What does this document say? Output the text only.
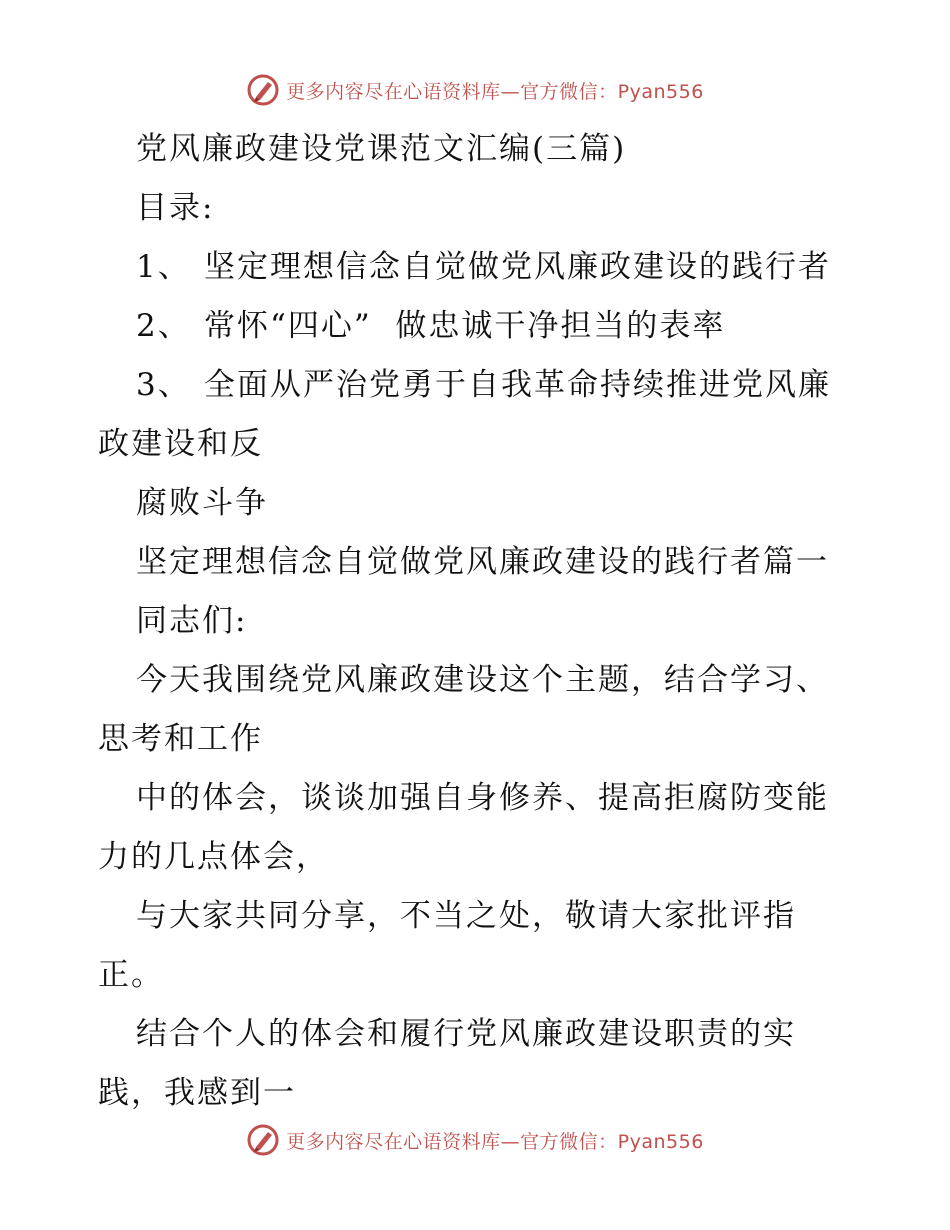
更多内容尽在心语资料库—官方微信：Pyan556
党风廉政建设党课范文汇编(三篇)
目录:
1、 坚定理想信念自觉做党风廉政建设的践行者
2、 常怀“四心”  做忠诚干净担当的表率
3、 全面从严治党勇于自我革命持续推进党风廉
政建设和反
腐败斗争
坚定理想信念自觉做党风廉政建设的践行者篇一
同志们:
今天我围绕党风廉政建设这个主题，结合学习、
思考和工作
中的体会，谈谈加强自身修养、提高拒腐防变能
力的几点体会，
与大家共同分享，不当之处，敬请大家批评指
正。
结合个人的体会和履行党风廉政建设职责的实
践，我感到一
更多内容尽在心语资料库—官方微信：Pyan556
